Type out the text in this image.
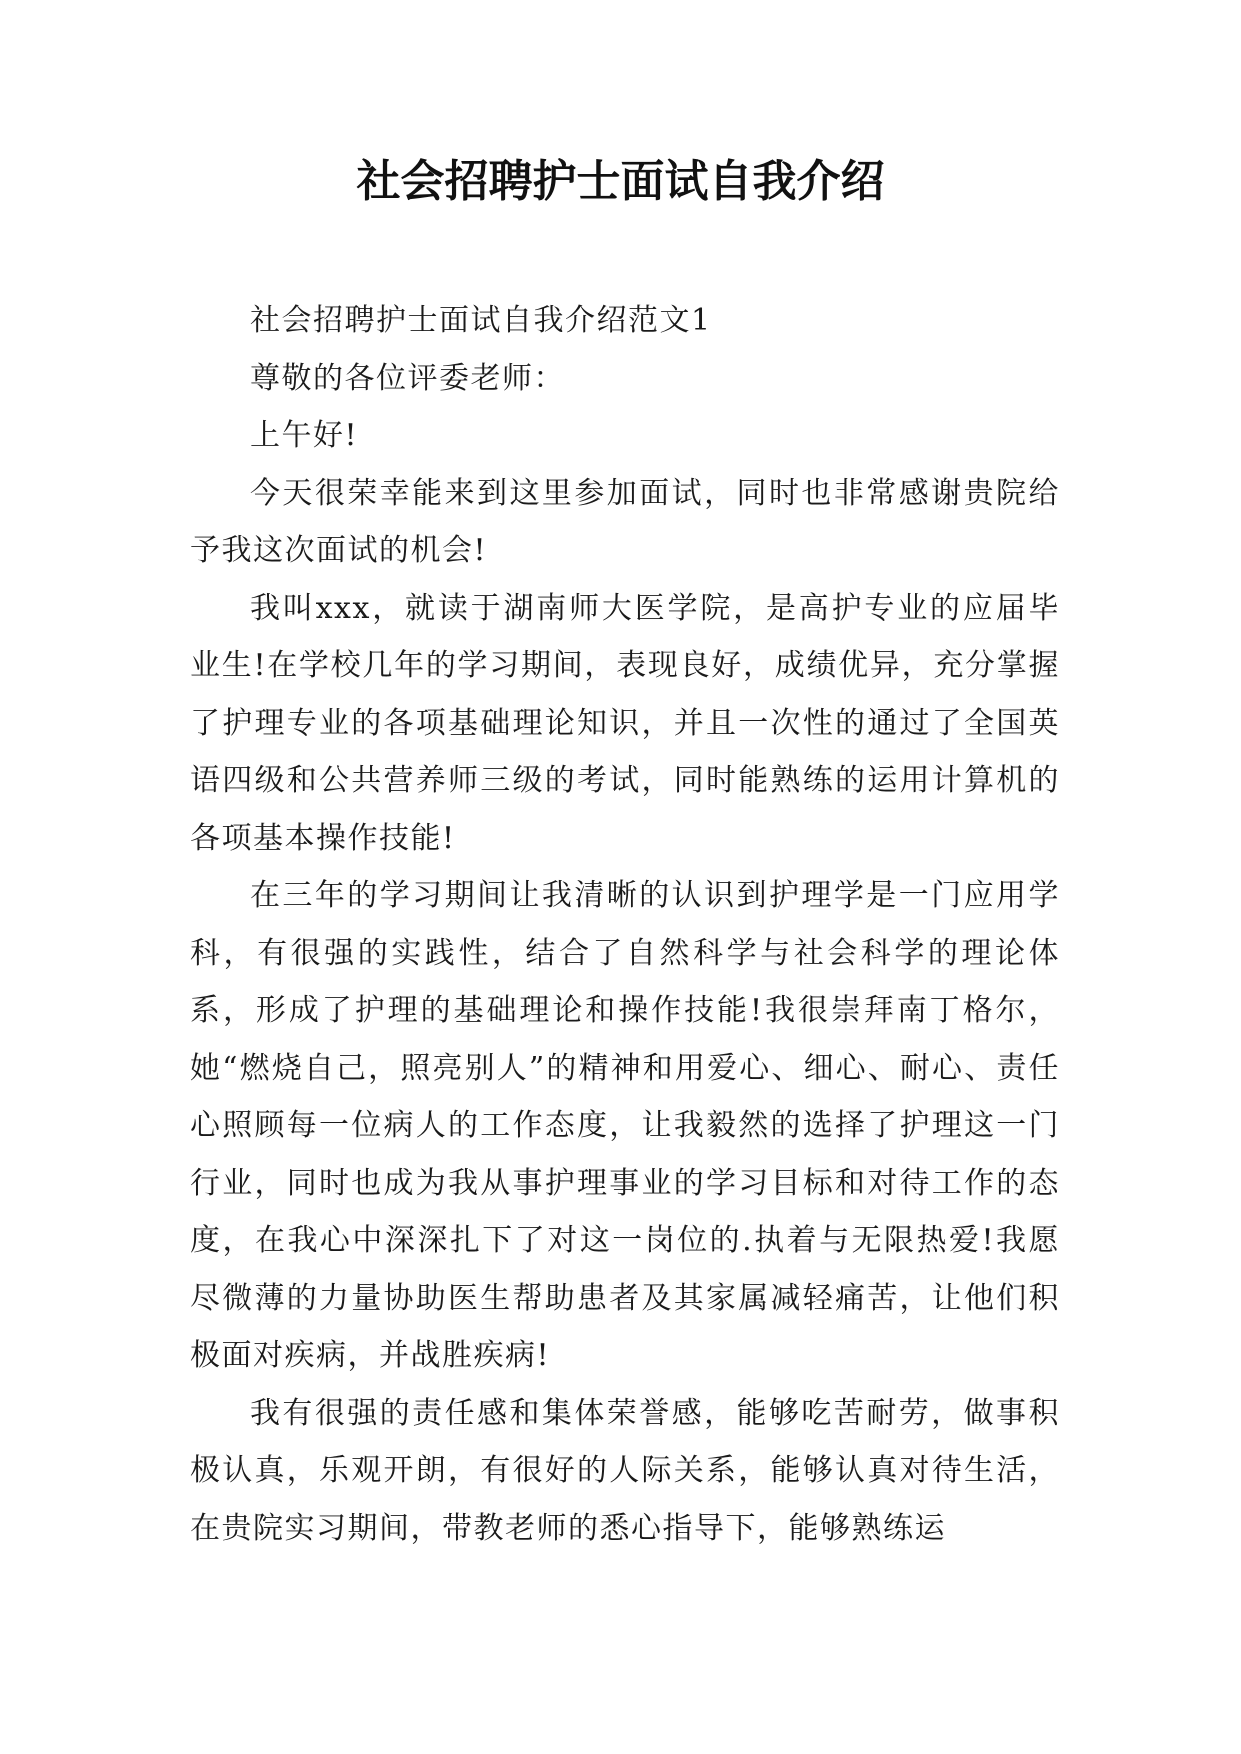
社会招聘护士面试自我介绍

社会招聘护士面试自我介绍范文1

尊敬的各位评委老师：

上午好!

今天很荣幸能来到这里参加面试，同时也非常感谢贵院给予我这次面试的机会!

我叫xxx，就读于湖南师大医学院，是高护专业的应届毕业生!在学校几年的学习期间，表现良好，成绩优异，充分掌握了护理专业的各项基础理论知识，并且一次性的通过了全国英语四级和公共营养师三级的考试，同时能熟练的运用计算机的各项基本操作技能!

在三年的学习期间让我清晰的认识到护理学是一门应用学科，有很强的实践性，结合了自然科学与社会科学的理论体系，形成了护理的基础理论和操作技能!我很崇拜南丁格尔，她“燃烧自己，照亮别人”的精神和用爱心、细心、耐心、责任心照顾每一位病人的工作态度，让我毅然的选择了护理这一门行业，同时也成为我从事护理事业的学习目标和对待工作的态度，在我心中深深扎下了对这一岗位的.执着与无限热爱!我愿尽微薄的力量协助医生帮助患者及其家属减轻痛苦，让他们积极面对疾病，并战胜疾病!

我有很强的责任感和集体荣誉感，能够吃苦耐劳，做事积极认真，乐观开朗，有很好的人际关系，能够认真对待生活，在贵院实习期间，带教老师的悉心指导下，能够熟练运
